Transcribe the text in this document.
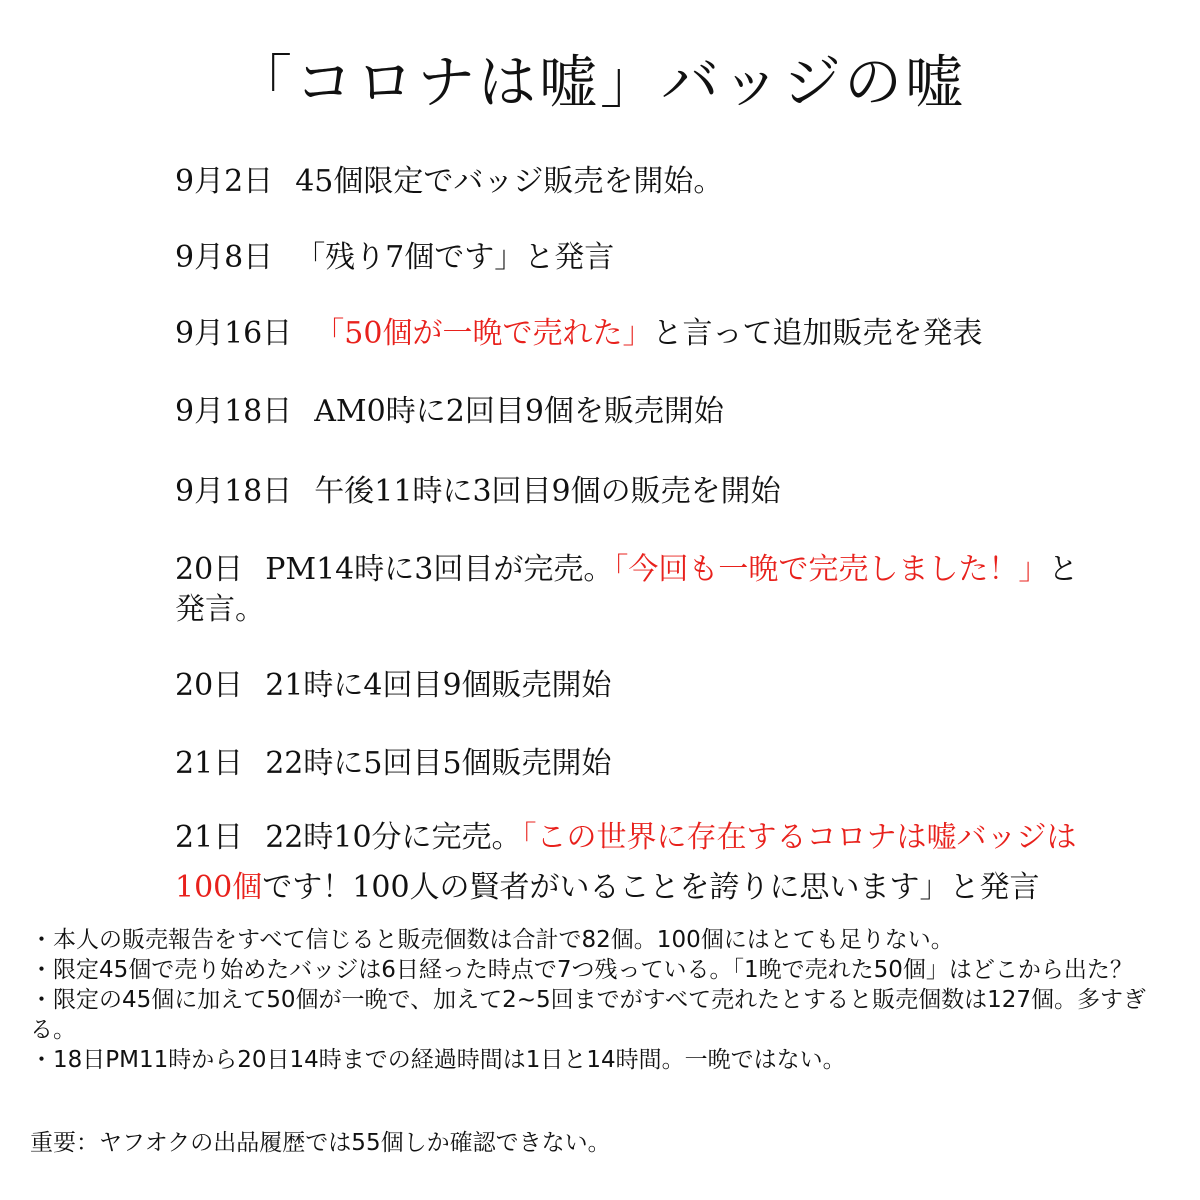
「コロナは嘘」バッジの嘘
9月2日 45個限定でバッジ販売を開始。
9月8日 「残り7個です」と発言
9月16日 「50個が一晩で売れた」と言って追加販売を発表
9月18日 AM0時に2回目9個を販売開始
9月18日 午後11時に3回目9個の販売を開始
20日 PM14時に3回目が完売。「今回も一晩で完売しました！」と
発言。
20日 21時に4回目9個販売開始
21日 22時に5回目5個販売開始
21日 22時10分に完売。「この世界に存在するコロナは嘘バッジは
100個です！100人の賢者がいることを誇りに思います」と発言
・本人の販売報告をすべて信じると販売個数は合計で82個。100個にはとても足りない。
・限定45個で売り始めたバッジは6日経った時点で7つ残っている。「1晩で売れた50個」はどこから出た？
・限定の45個に加えて50個が一晩で、加えて2~5回までがすべて売れたとすると販売個数は127個。多すぎる。
・18日PM11時から20日14時までの経過時間は1日と14時間。一晩ではない。
重要：ヤフオクの出品履歴では55個しか確認できない。
